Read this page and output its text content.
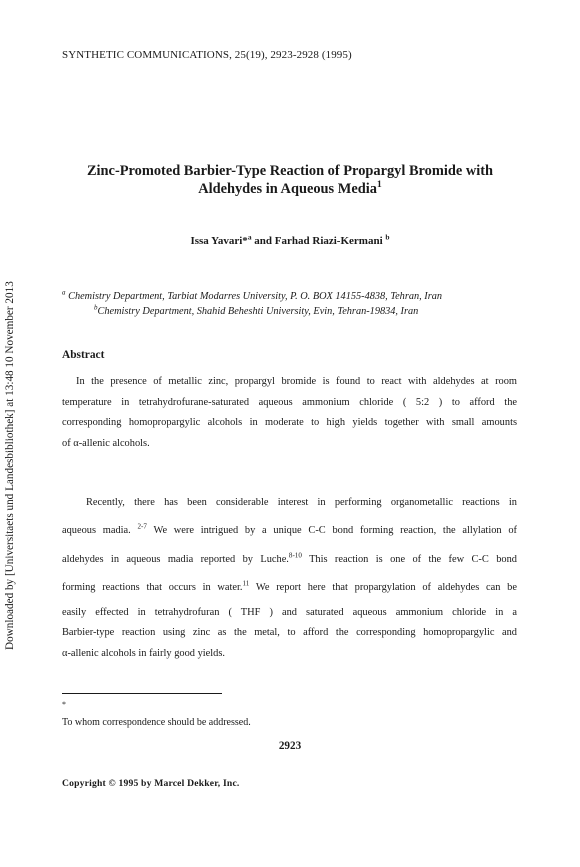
SYNTHETIC COMMUNICATIONS, 25(19), 2923-2928 (1995)
Downloaded by [Universitaets und Landesbibliothek] at 13:48 10 November 2013
Zinc-Promoted Barbier-Type Reaction of Propargyl Bromide with
Aldehydes in Aqueous Media$^1$
Issa Yavari*$^a$ and Farhad Riazi-Kermani $^b$
$^a$ Chemistry Department, Tarbiat Modarres University, P. O. BOX 14155-4838, Tehran, Iran
$^b$Chemistry Department, Shahid Beheshti University, Evin, Tehran-19834, Iran
Abstract
In the presence of metallic zinc, propargyl bromide is found to react with aldehydes at room
temperature in tetrahydrofurane-saturated aqueous ammonium chloride ( 5:2 ) to afford the
corresponding homopropargylic alcohols in moderate to high yields together with small amounts
of α-allenic alcohols.
Recently, there has been considerable interest in performing organometallic reactions in
aqueous madia. $^{2-7}$ We were intrigued by a unique C-C bond forming reaction, the allylation of
aldehydes in aqueous madia reported by Luche.$^{8-10}$ This reaction is one of the few C-C bond
forming reactions that occurs in water.$^{11}$ We report here that propargylation of aldehydes can be
easily effected in tetrahydrofuran ( THF ) and saturated aqueous ammonium chloride in a
Barbier-type reaction using zinc as the metal, to afford the corresponding homopropargylic and
α-allenic alcohols in fairly good yields.
*
To whom correspondence should be addressed.
2923
Copyright © 1995 by Marcel Dekker, Inc.
